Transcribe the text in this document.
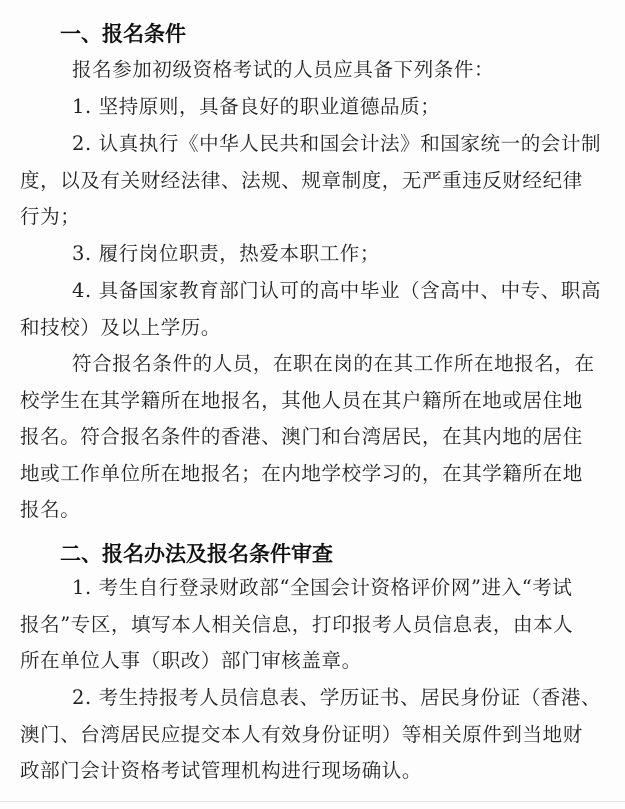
一、报名条件
报名参加初级资格考试的人员应具备下列条件：
1. 坚持原则，具备良好的职业道德品质；
2. 认真执行《中华人民共和国会计法》和国家统一的会计制
度，以及有关财经法律、法规、规章制度，无严重违反财经纪律
行为；
3. 履行岗位职责，热爱本职工作；
4. 具备国家教育部门认可的高中毕业（含高中、中专、职高
和技校）及以上学历。
符合报名条件的人员，在职在岗的在其工作所在地报名，在
校学生在其学籍所在地报名，其他人员在其户籍所在地或居住地
报名。符合报名条件的香港、澳门和台湾居民，在其内地的居住
地或工作单位所在地报名；在内地学校学习的，在其学籍所在地
报名。
二、报名办法及报名条件审查
1. 考生自行登录财政部“全国会计资格评价网”进入“考试
报名”专区，填写本人相关信息，打印报考人员信息表，由本人
所在单位人事（职改）部门审核盖章。
2. 考生持报考人员信息表、学历证书、居民身份证（香港、
澳门、台湾居民应提交本人有效身份证明）等相关原件到当地财
政部门会计资格考试管理机构进行现场确认。
